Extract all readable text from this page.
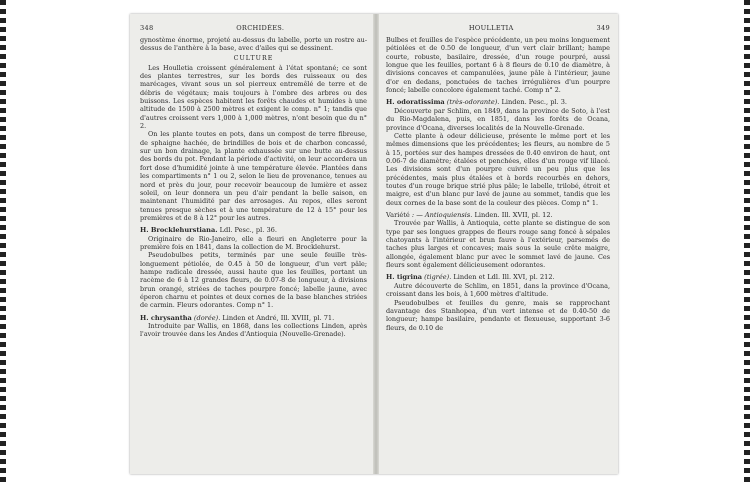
348	ORCHIDÉES.

gynostème énorme, projeté au-dessus du labelle, porte un rostre au-dessus de l'anthère à la base, avec d'ailes qui se dessinent.

CULTURE

Les Houlletia croissent généralement à l'état spontané; ce sont des plantes terrestres, sur les bords des ruisseaux ou des marécages, vivant sous un sol pierreux entremêlé de terre et de débris de végétaux; mais toujours à l'ombre des arbres ou des buissons. Les espèces habitent les forêts chaudes et humides à une altitude de 1500 à 2500 mètres et exigent le comp. n° 1; tandis que d'autres croissent vers 1,000 à 1,000 mètres, n'ont besoin que du n° 2.

On les plante toutes en pots, dans un compost de terre fibreuse, de sphaigne hachée, de brindilles de bois et de charbon concassé, sur un bon drainage, la plante exhaussée sur une butte au-dessus des bords du pot. Pendant la période d'activité, on leur accordera un fort dose d'humidité jointe à une température élevée. Plantées dans les compartiments n° 1 ou 2, selon le lieu de provenance, tenues au nord et près du jour, pour recevoir beaucoup de lumière et assez soleil, on leur donnera un peu d'air pendant la belle saison, en maintenant l'humidité par des arrosages. Au repos, elles seront tenues presque sèches et à une température de 12 à 15° pour les premières et de 8 à 12° pour les autres.

H. Brocklehurstiana. Ldl. Pesc., pl. 36.

Originaire de Rio-Janeiro, elle a fleuri en Angleterre pour la première fois en 1841, dans la collection de M. Brocklehurst.

Pseudobulbes petits, terminés par une seule feuille très-longuement pétiolée, de 0.45 à 50 de longueur, d'un vert pâle; hampe radicale dressée, aussi haute que les feuilles, portant un racème de 6 à 12 grandes fleurs, de 0.07-8 de longueur, à divisions brun orangé, striées de taches pourpre foncé; labelle jaune, avec éperon charnu et pointes et deux cornes de la base blanches striées de carmin. Fleurs odorantes. Comp n° 1.

H. chrysantha (dorée). Linden et André, Ill. XVIII, pl. 71.

Introduite par Wallis, en 1868, dans les collections Linden, après l'avoir trouvée dans les Andes d'Antioquia (Nouvelle-Grenade).

HOULLETIA	349

Bulbes et feuilles de l'espèce précédente, un peu moins longuement pétiolées et de 0.50 de longueur, d'un vert clair brillant; hampe courte, robuste, basilaire, dressée, d'un rouge pourpré, aussi longue que les feuilles, portant 6 à 8 fleurs de 0.10 de diamètre, à divisions concaves et campanulées, jaune pâle à l'intérieur, jaune d'or en dedans, ponctuées de taches irrégulières d'un pourpre foncé; labelle concolore également taché. Comp n° 2.

H. odoratissima (très-odorante). Linden. Pesc., pl. 3.

Découverte par Schlim, en 1849, dans la province de Soto, à l'est du Rio-Magdalena, puis, en 1851, dans les forêts de Ocana, province d'Ocana, diverses localités de la Nouvelle-Grenade.

Cette plante à odeur délicieuse, présente le même port et les mêmes dimensions que les précédentes; les fleurs, au nombre de 5 à 15, portées sur des hampes dressées de 0.40 environ de haut, ont 0.06-7 de diamètre; étalées et penchées, elles d'un rouge vif lilacé. Les divisions sont d'un pourpre cuivré un peu plus que les précédentes, mais plus étalées et à bords recourbés en dehors, toutes d'un rouge brique strié plus pâle; le labelle, trilobé, étroit et maigre, est d'un blanc pur lavé de jaune au sommet, tandis que les deux cornes de la base sont de la couleur des pièces. Comp n° 1.

Variété : — Antioquiensis. Linden. Ill. XVII, pl. 12.

Trouvée par Wallis, à Antioquia, cette plante se distingue de son type par ses longues grappes de fleurs rouge sang foncé à sépales chatoyants à l'intérieur et brun fauve à l'extérieur, parsemés de taches plus larges et concaves; mais sous la seule crête maigre, allongée, également blanc pur avec le sommet lavé de jaune. Ces fleurs sont également délicieusement odorantes.

H. tigrina (tigrée). Linden et Ldl. Ill. XVI, pl. 212.

Autre découverte de Schlim, en 1851, dans la province d'Ocana, croissant dans les bois, à 1,600 mètres d'altitude.

Pseudobulbes et feuilles du genre, mais se rapprochant davantage des Stanhopea, d'un vert intense et de 0.40-50 de longueur; hampe basilaire, pendante et flexueuse, supportant 3-6 fleurs, de 0.10 de
